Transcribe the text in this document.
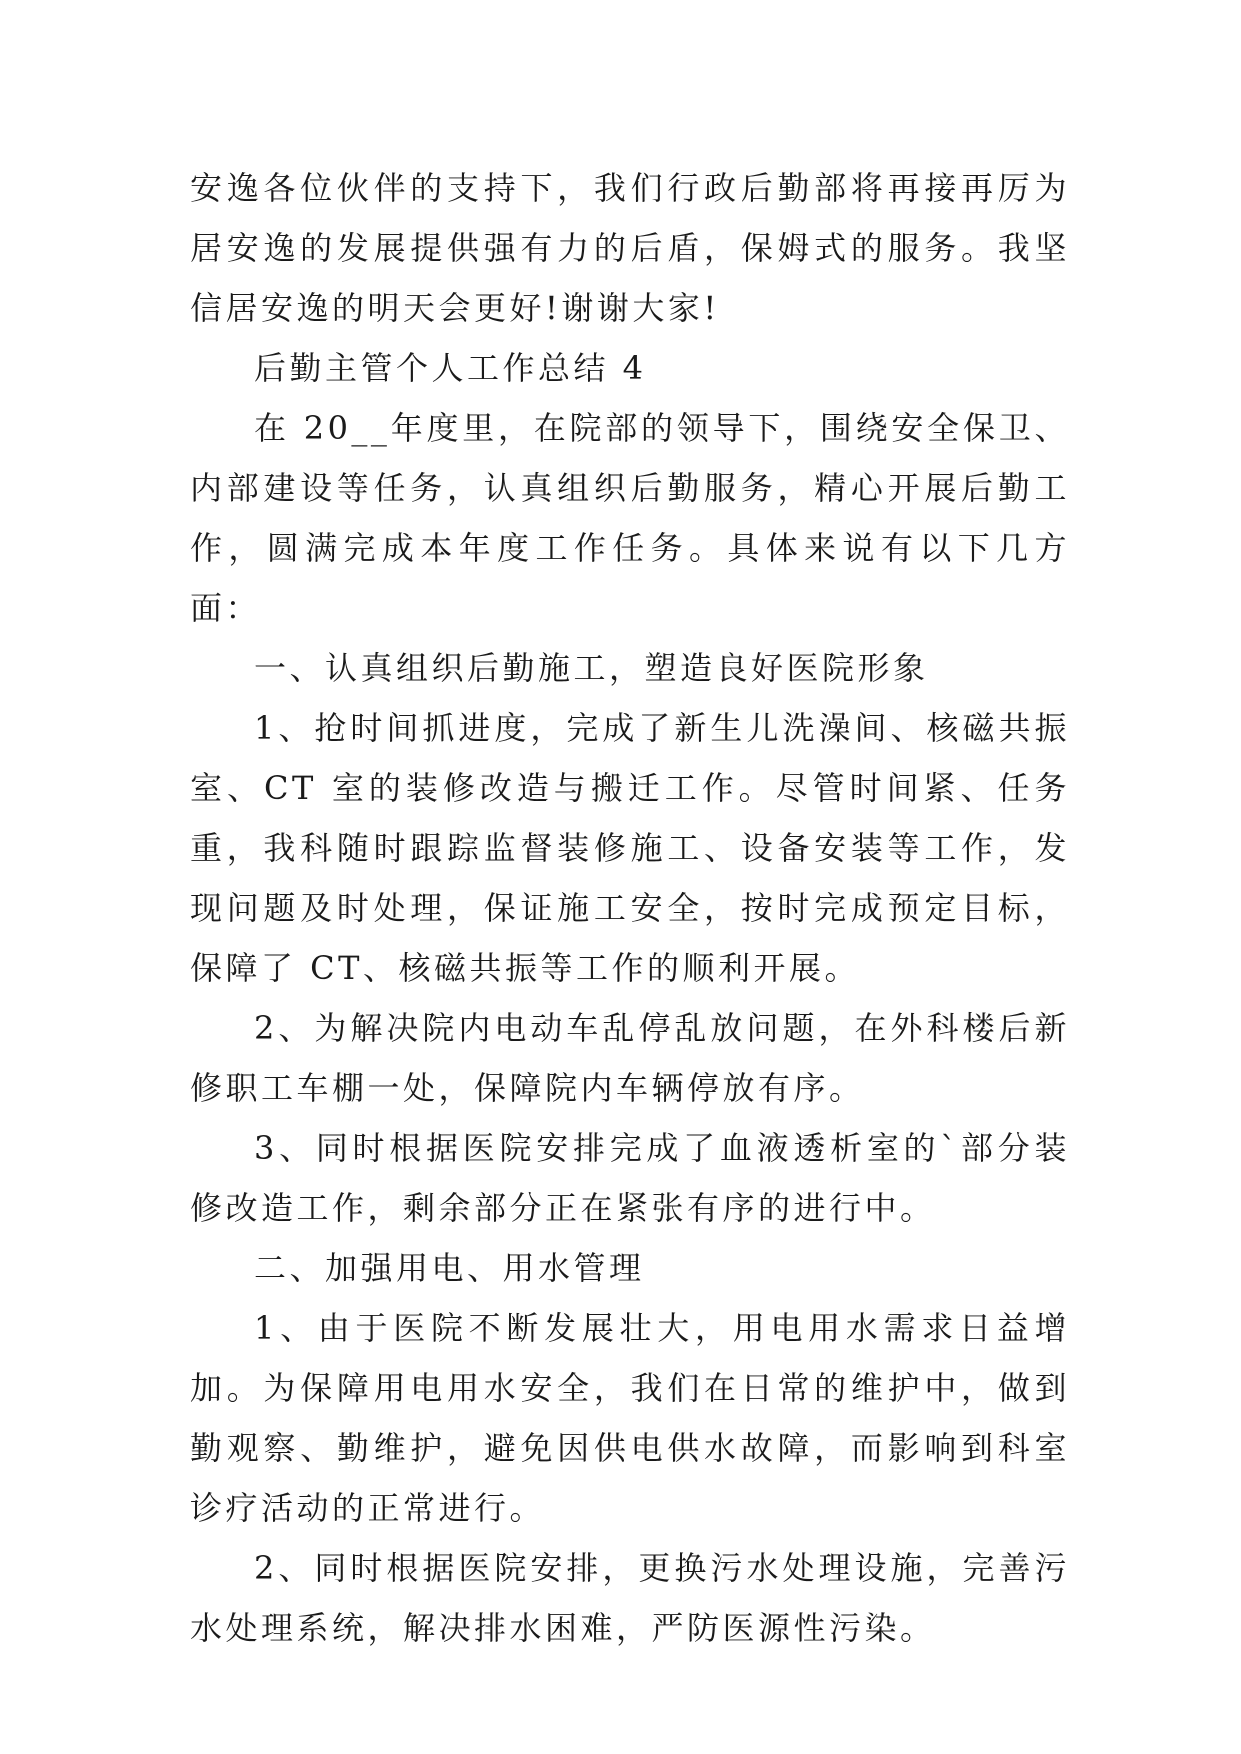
安逸各位伙伴的支持下，我们行政后勤部将再接再厉为居安逸的发展提供强有力的后盾，保姆式的服务。我坚信居安逸的明天会更好!谢谢大家!

后勤主管个人工作总结 4

在 20__年度里，在院部的领导下，围绕安全保卫、内部建设等任务，认真组织后勤服务，精心开展后勤工作，圆满完成本年度工作任务。具体来说有以下几方面：

一、认真组织后勤施工，塑造良好医院形象

1、抢时间抓进度，完成了新生儿洗澡间、核磁共振室、CT 室的装修改造与搬迁工作。尽管时间紧、任务重，我科随时跟踪监督装修施工、设备安装等工作，发现问题及时处理，保证施工安全，按时完成预定目标，保障了 CT、核磁共振等工作的顺利开展。

2、为解决院内电动车乱停乱放问题，在外科楼后新修职工车棚一处，保障院内车辆停放有序。

3、同时根据医院安排完成了血液透析室的`部分装修改造工作，剩余部分正在紧张有序的进行中。

二、加强用电、用水管理

1、由于医院不断发展壮大，用电用水需求日益增加。为保障用电用水安全，我们在日常的维护中，做到勤观察、勤维护，避免因供电供水故障，而影响到科室诊疗活动的正常进行。

2、同时根据医院安排，更换污水处理设施，完善污水处理系统，解决排水困难，严防医源性污染。
